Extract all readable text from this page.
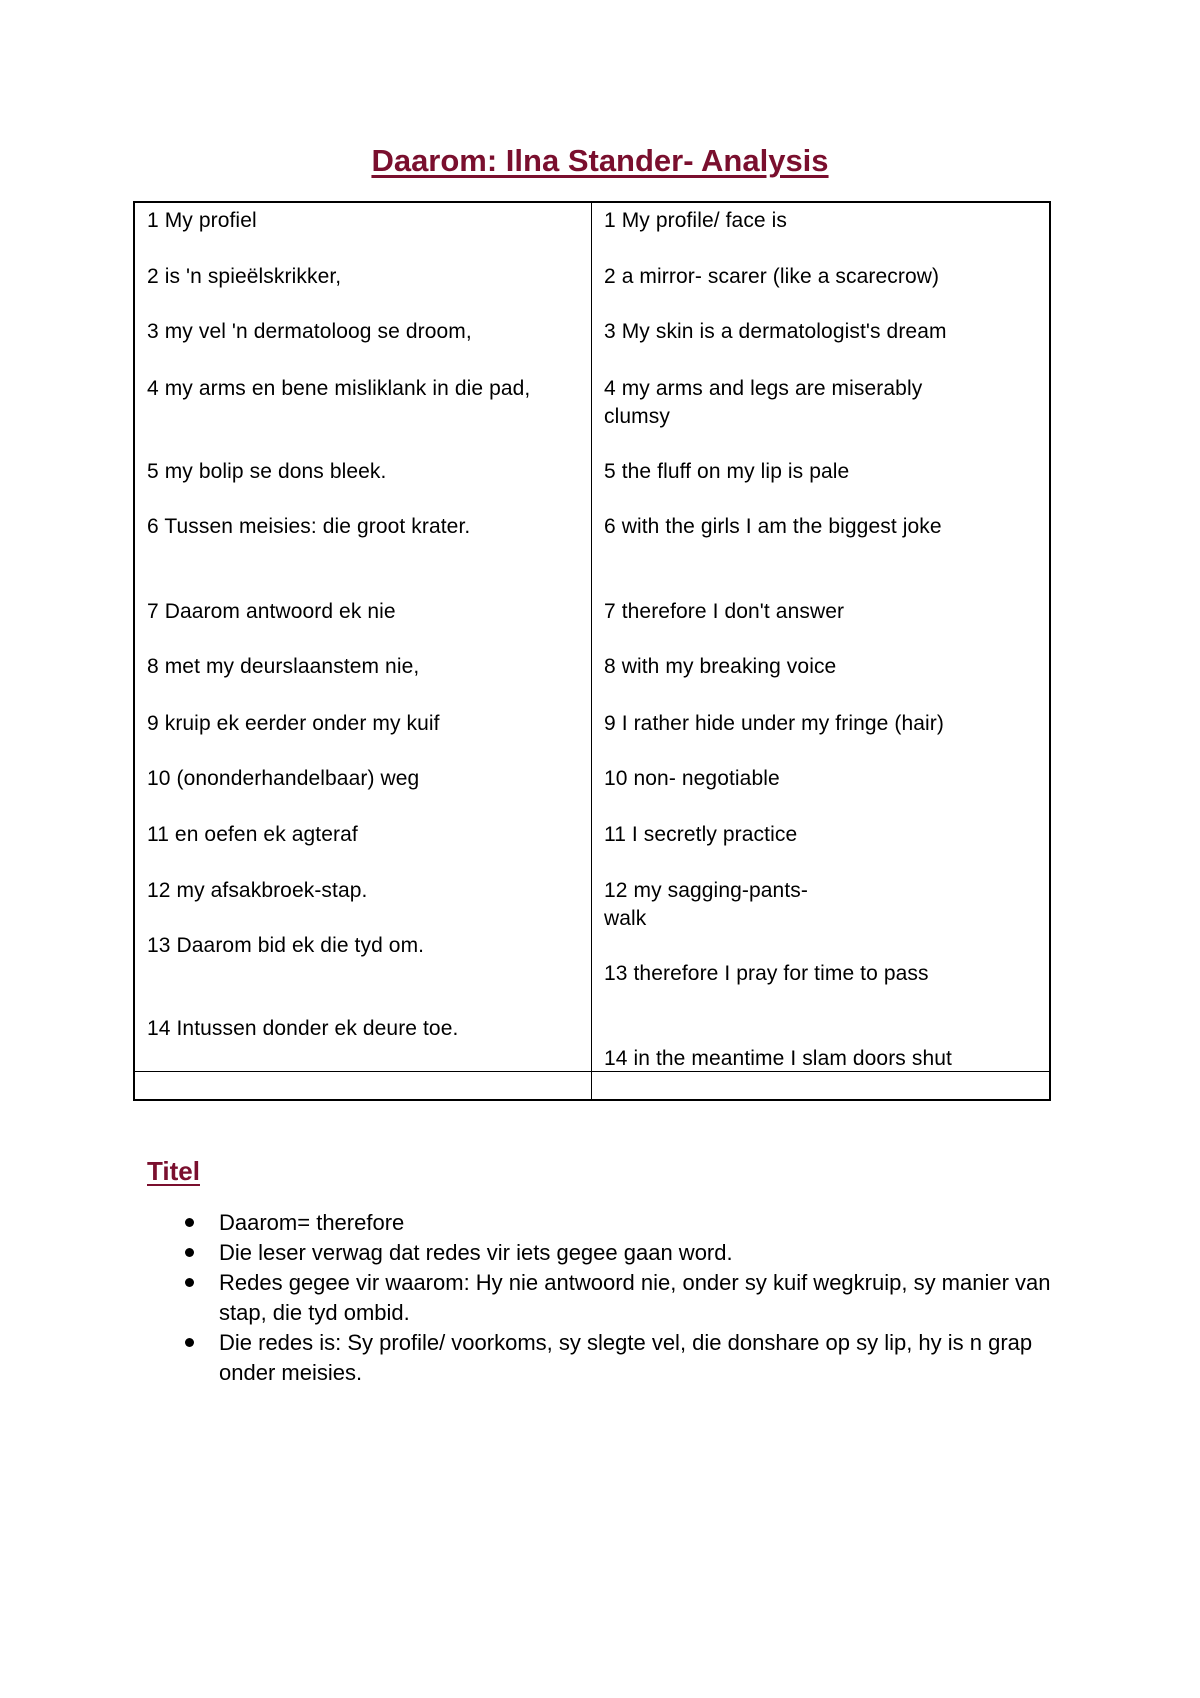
Daarom: Ilna Stander- Analysis
1 My profiel
2 is 'n spieëlskrikker,
3 my vel 'n dermatoloog se droom,
4 my arms en bene misliklank in die pad,
5 my bolip se dons bleek.
6 Tussen meisies: die groot krater.
7 Daarom antwoord ek nie
8 met my deurslaanstem nie,
9 kruip ek eerder onder my kuif
10 (ononderhandelbaar) weg
11 en oefen ek agteraf
12 my afsakbroek-stap.
13 Daarom bid ek die tyd om.
14 Intussen donder ek deure toe.
1 My profile/ face is
2 a mirror- scarer (like a scarecrow)
3 My skin is a dermatologist's dream
4 my arms and legs are miserably clumsy
5 the fluff on my lip is pale
6 with the girls I am the biggest joke
7 therefore I don't answer
8 with my breaking voice
9 I rather hide under my fringe (hair)
10 non- negotiable
11 I secretly practice
12 my sagging-pants-walk
13 therefore I pray for time to pass
14 in the meantime I slam doors shut
Titel
Daarom= therefore
Die leser verwag dat redes vir iets gegee gaan word.
Redes gegee vir waarom: Hy nie antwoord nie, onder sy kuif wegkruip, sy manier van stap, die tyd ombid.
Die redes is: Sy profile/ voorkoms, sy slegte vel, die donshare op sy lip, hy is n grap onder meisies.
